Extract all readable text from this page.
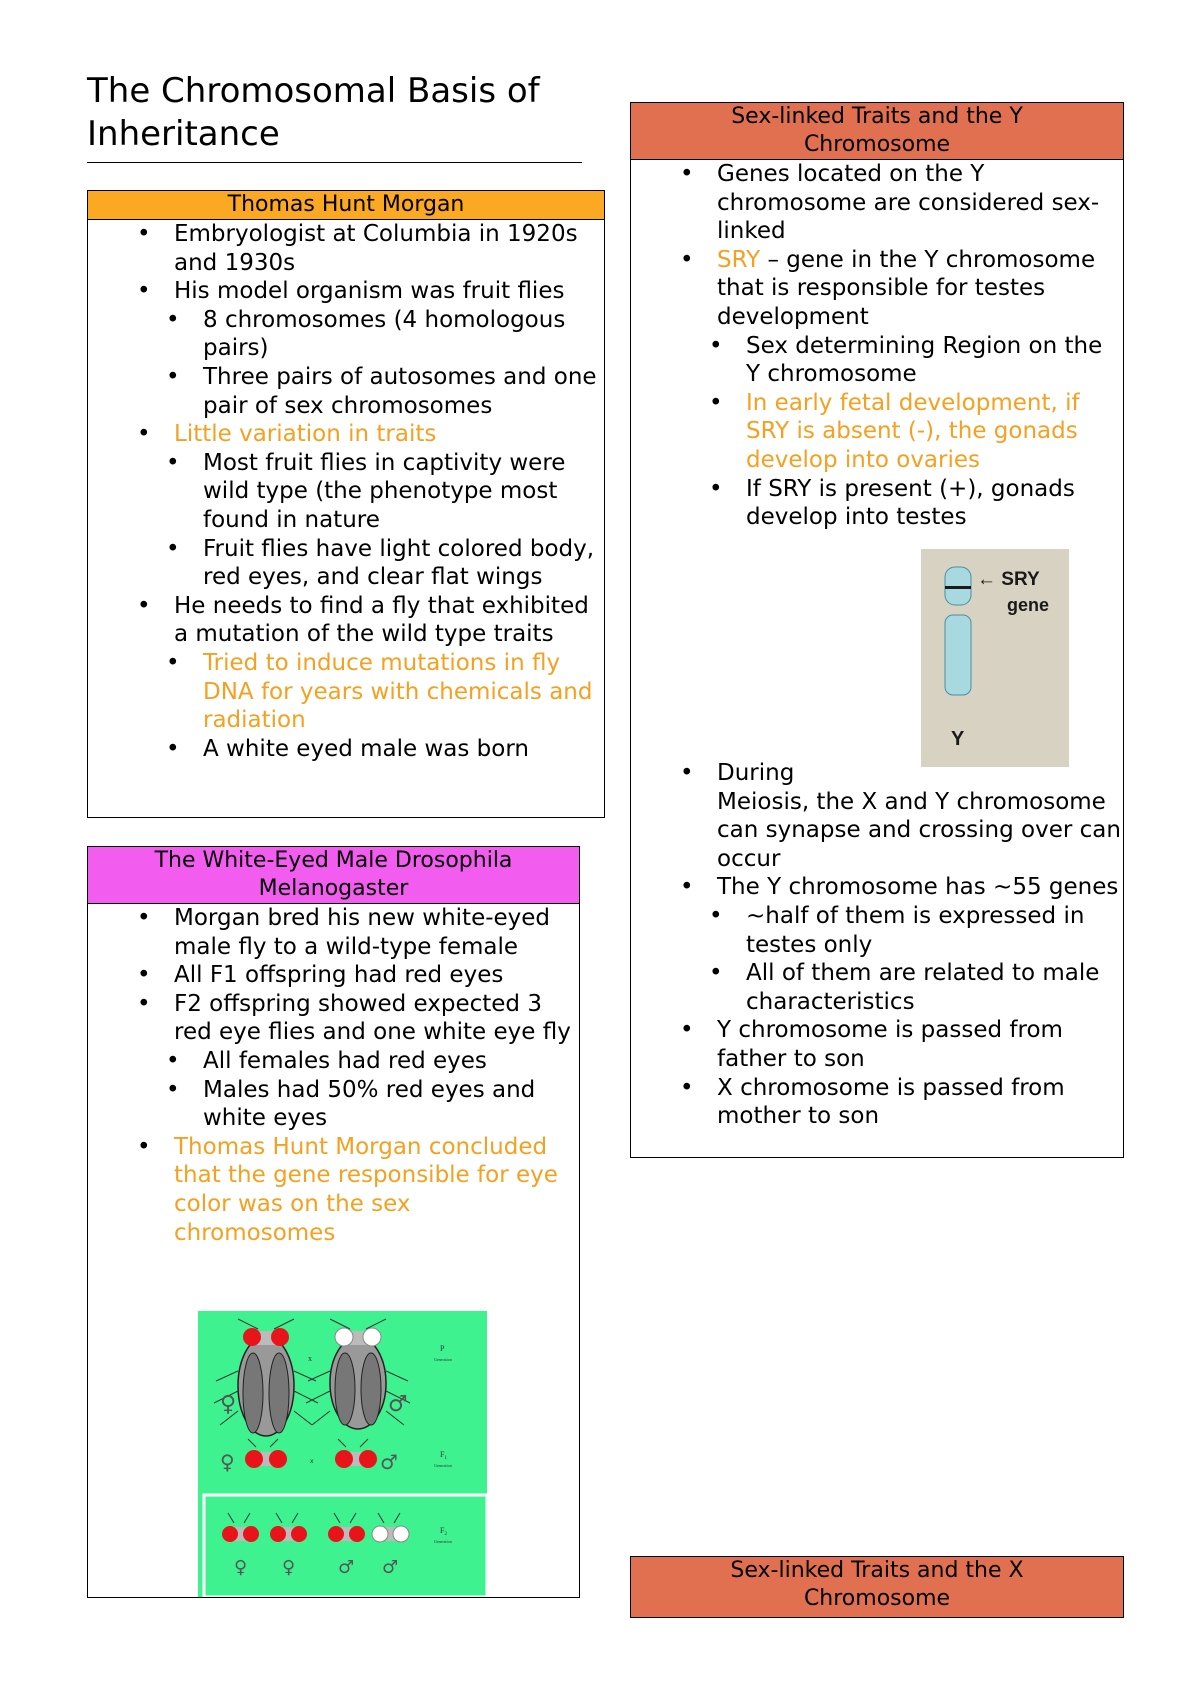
The Chromosomal Basis of Inheritance
Thomas Hunt Morgan
• Embryologist at Columbia in 1920s and 1930s
• His model organism was fruit flies
• 8 chromosomes (4 homologous pairs)
• Three pairs of autosomes and one pair of sex chromosomes
• Little variation in traits
• Most fruit flies in captivity were wild type (the phenotype most found in nature
• Fruit flies have light colored body, red eyes, and clear flat wings
• He needs to find a fly that exhibited a mutation of the wild type traits
• Tried to induce mutations in fly DNA for years with chemicals and radiation
• A white eyed male was born
The White-Eyed Male Drosophila Melanogaster
• Morgan bred his new white-eyed male fly to a wild-type female
• All F1 offspring had red eyes
• F2 offspring showed expected 3 red eye flies and one white eye fly
• All females had red eyes
• Males had 50% red eyes and white eyes
• Thomas Hunt Morgan concluded that the gene responsible for eye color was on the sex chromosomes
x
♀	♂
P
Generation
♀	x	♂	$F_1$
Generation
♀ ♀ ♂ ♂
$F_2$
Generation
Sex-linked Traits and the Y Chromosome
• Genes located on the Y chromosome are considered sex-linked
• SRY – gene in the Y chromosome that is responsible for testes development
• Sex determining Region on the Y chromosome
• In early fetal development, if SRY is absent (-), the gonads develop into ovaries
• If SRY is present (+), gonads develop into testes
← SRY
gene
Y
• During
Meiosis, the X and Y chromosome can synapse and crossing over can occur
• The Y chromosome has ~55 genes
• ~half of them is expressed in testes only
• All of them are related to male characteristics
• Y chromosome is passed from father to son
• X chromosome is passed from mother to son
Sex-linked Traits and the X Chromosome
